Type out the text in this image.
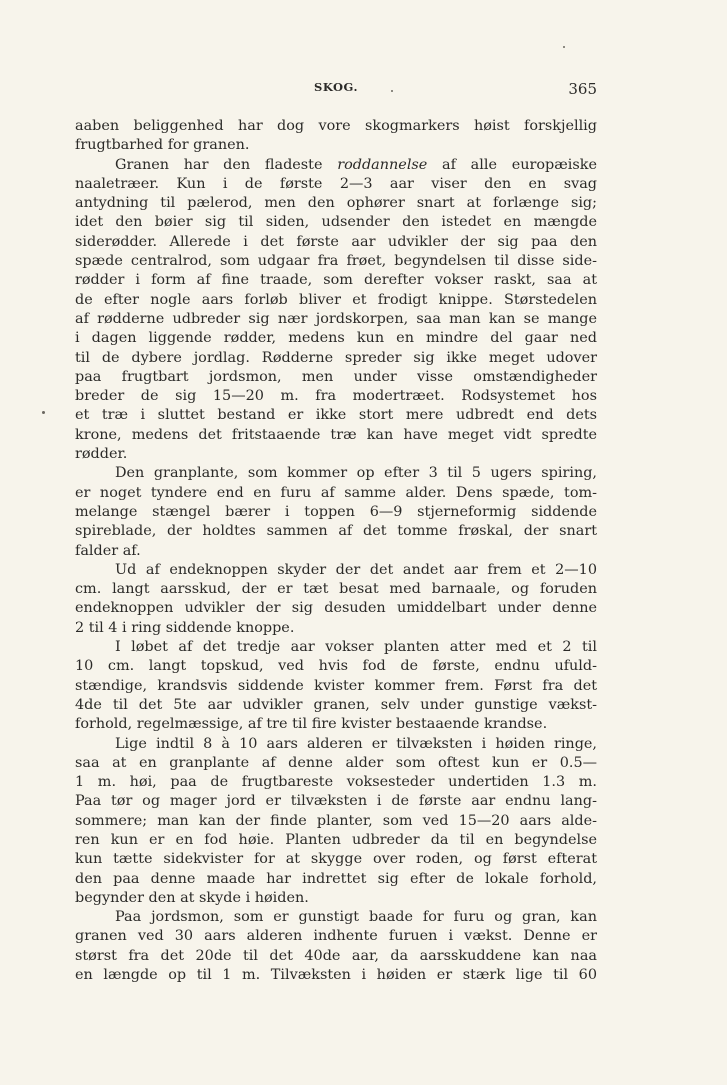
SKOG.	365
aaben beliggenhed har dog vore skogmarkers høist forskjellig
frugtbarhed for granen.
Granen har den fladeste roddannelse af alle europæiske
naaletræer. Kun i de første 2—3 aar viser den en svag
antydning til pælerod, men den ophører snart at forlænge sig;
idet den bøier sig til siden, udsender den istedet en mængde
siderødder. Allerede i det første aar udvikler der sig paa den
spæde centralrod, som udgaar fra frøet, begyndelsen til disse side-
rødder i form af fine traade, som derefter vokser raskt, saa at
de efter nogle aars forløb bliver et frodigt knippe. Størstedelen
af rødderne udbreder sig nær jordskorpen, saa man kan se mange
i dagen liggende rødder, medens kun en mindre del gaar ned
til de dybere jordlag. Rødderne spreder sig ikke meget udover
paa frugtbart jordsmon, men under visse omstændigheder
breder de sig 15—20 m. fra modertræet. Rodsystemet hos
et træ i sluttet bestand er ikke stort mere udbredt end dets
krone, medens det fritstaaende træ kan have meget vidt spredte
rødder.
Den granplante, som kommer op efter 3 til 5 ugers spiring,
er noget tyndere end en furu af samme alder. Dens spæde, tom-
melange stængel bærer i toppen 6—9 stjerneformig siddende
spireblade, der holdtes sammen af det tomme frøskal, der snart
falder af.
Ud af endeknoppen skyder der det andet aar frem et 2—10
cm. langt aarsskud, der er tæt besat med barnaale, og foruden
endeknoppen udvikler der sig desuden umiddelbart under denne
2 til 4 i ring siddende knoppe.
I løbet af det tredje aar vokser planten atter med et 2 til
10 cm. langt topskud, ved hvis fod de første, endnu ufuld-
stændige, krandsvis siddende kvister kommer frem. Først fra det
4de til det 5te aar udvikler granen, selv under gunstige vækst-
forhold, regelmæssige, af tre til fire kvister bestaaende krandse.
Lige indtil 8 à 10 aars alderen er tilvæksten i høiden ringe,
saa at en granplante af denne alder som oftest kun er 0.5—
1 m. høi, paa de frugtbareste voksesteder undertiden 1.3 m.
Paa tør og mager jord er tilvæksten i de første aar endnu lang-
sommere; man kan der finde planter, som ved 15—20 aars alde-
ren kun er en fod høie. Planten udbreder da til en begyndelse
kun tætte sidekvister for at skygge over roden, og først efterat
den paa denne maade har indrettet sig efter de lokale forhold,
begynder den at skyde i høiden.
Paa jordsmon, som er gunstigt baade for furu og gran, kan
granen ved 30 aars alderen indhente furuen i vækst. Denne er
størst fra det 20de til det 40de aar, da aarsskuddene kan naa
en længde op til 1 m. Tilvæksten i høiden er stærk lige til 60
